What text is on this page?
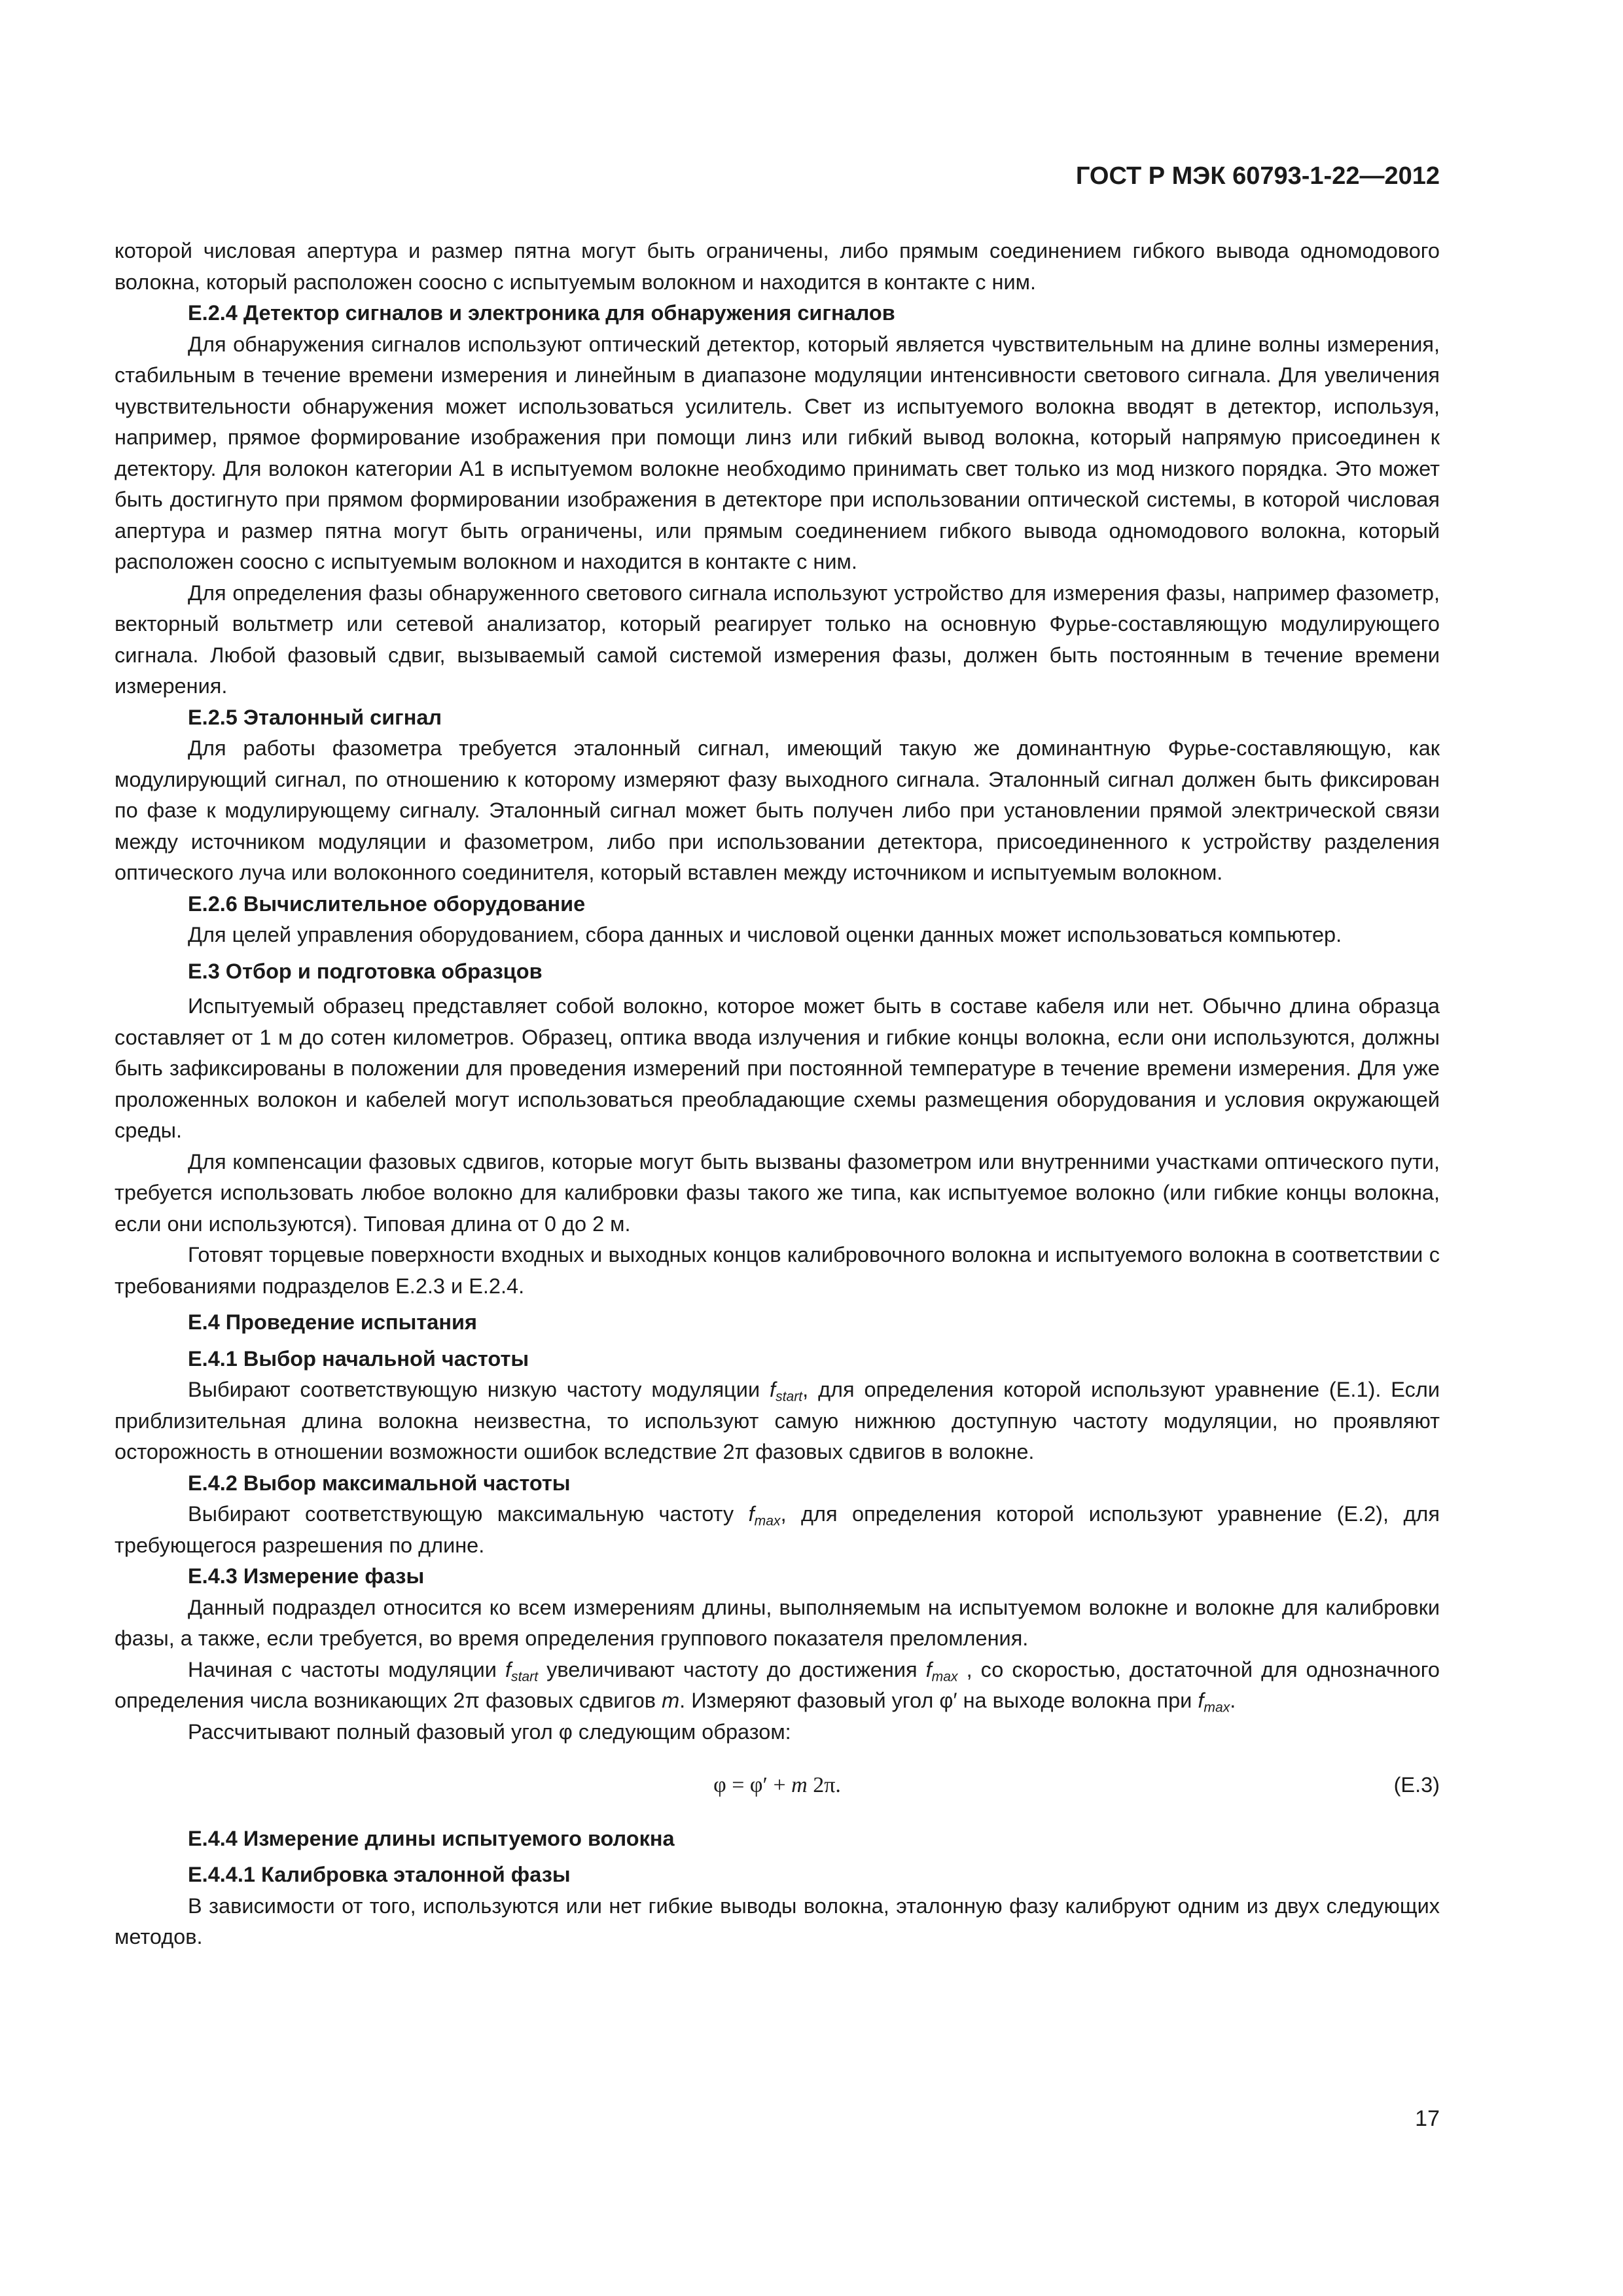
ГОСТ Р МЭК 60793-1-22—2012

которой числовая апертура и размер пятна могут быть ограничены, либо прямым соединением гибкого вывода одномодового волокна, который расположен соосно с испытуемым волокном и находится в контакте с ним.

Е.2.4 Детектор сигналов и электроника для обнаружения сигналов

Для обнаружения сигналов используют оптический детектор, который является чувствительным на длине волны измерения, стабильным в течение времени измерения и линейным в диапазоне модуляции интенсивности светового сигнала. Для увеличения чувствительности обнаружения может использоваться усилитель. Свет из испытуемого волокна вводят в детектор, используя, например, прямое формирование изображения при помощи линз или гибкий вывод волокна, который напрямую присоединен к детектору. Для волокон категории А1 в испытуемом волокне необходимо принимать свет только из мод низкого порядка. Это может быть достигнуто при прямом формировании изображения в детекторе при использовании оптической системы, в которой числовая апертура и размер пятна могут быть ограничены, или прямым соединением гибкого вывода одномодового волокна, который расположен соосно с испытуемым волокном и находится в контакте с ним.

Для определения фазы обнаруженного светового сигнала используют устройство для измерения фазы, например фазометр, векторный вольтметр или сетевой анализатор, который реагирует только на основную Фурье-составляющую модулирующего сигнала. Любой фазовый сдвиг, вызываемый самой системой измерения фазы, должен быть постоянным в течение времени измерения.

Е.2.5 Эталонный сигнал

Для работы фазометра требуется эталонный сигнал, имеющий такую же доминантную Фурье-составляющую, как модулирующий сигнал, по отношению к которому измеряют фазу выходного сигнала. Эталонный сигнал должен быть фиксирован по фазе к модулирующему сигналу. Эталонный сигнал может быть получен либо при установлении прямой электрической связи между источником модуляции и фазометром, либо при использовании детектора, присоединенного к устройству разделения оптического луча или волоконного соединителя, который вставлен между источником и испытуемым волокном.

Е.2.6 Вычислительное оборудование

Для целей управления оборудованием, сбора данных и числовой оценки данных может использоваться компьютер.

Е.3 Отбор и подготовка образцов

Испытуемый образец представляет собой волокно, которое может быть в составе кабеля или нет. Обычно длина образца составляет от 1 м до сотен километров. Образец, оптика ввода излучения и гибкие концы волокна, если они используются, должны быть зафиксированы в положении для проведения измерений при постоянной температуре в течение времени измерения. Для уже проложенных волокон и кабелей могут использоваться преобладающие схемы размещения оборудования и условия окружающей среды.

Для компенсации фазовых сдвигов, которые могут быть вызваны фазометром или внутренними участками оптического пути, требуется использовать любое волокно для калибровки фазы такого же типа, как испытуемое волокно (или гибкие концы волокна, если они используются). Типовая длина от 0 до 2 м.

Готовят торцевые поверхности входных и выходных концов калибровочного волокна и испытуемого волокна в соответствии с требованиями подразделов Е.2.3 и Е.2.4.

Е.4 Проведение испытания
Е.4.1 Выбор начальной частоты

Выбирают соответствующую низкую частоту модуляции $f_{start}$, для определения которой используют уравнение (Е.1). Если приблизительная длина волокна неизвестна, то используют самую нижнюю доступную частоту модуляции, но проявляют осторожность в отношении возможности ошибок вследствие 2π фазовых сдвигов в волокне.

Е.4.2 Выбор максимальной частоты

Выбирают соответствующую максимальную частоту $f_{max}$, для определения которой используют уравнение (Е.2), для требующегося разрешения по длине.

Е.4.3 Измерение фазы

Данный подраздел относится ко всем измерениям длины, выполняемым на испытуемом волокне и волокне для калибровки фазы, а также, если требуется, во время определения группового показателя преломления.

Начиная с частоты модуляции $f_{start}$ увеличивают частоту до достижения $f_{max}$ , со скоростью, достаточной для однозначного определения числа возникающих 2π фазовых сдвигов m. Измеряют фазовый угол φ′ на выходе волокна при $f_{max}$.

Рассчитывают полный фазовый угол φ следующим образом:

φ = φ′ + m 2π.	(Е.3)
Е.4.4 Измерение длины испытуемого волокна
Е.4.4.1 Калибровка эталонной фазы

В зависимости от того, используются или нет гибкие выводы волокна, эталонную фазу калибруют одним из двух следующих методов.

17
